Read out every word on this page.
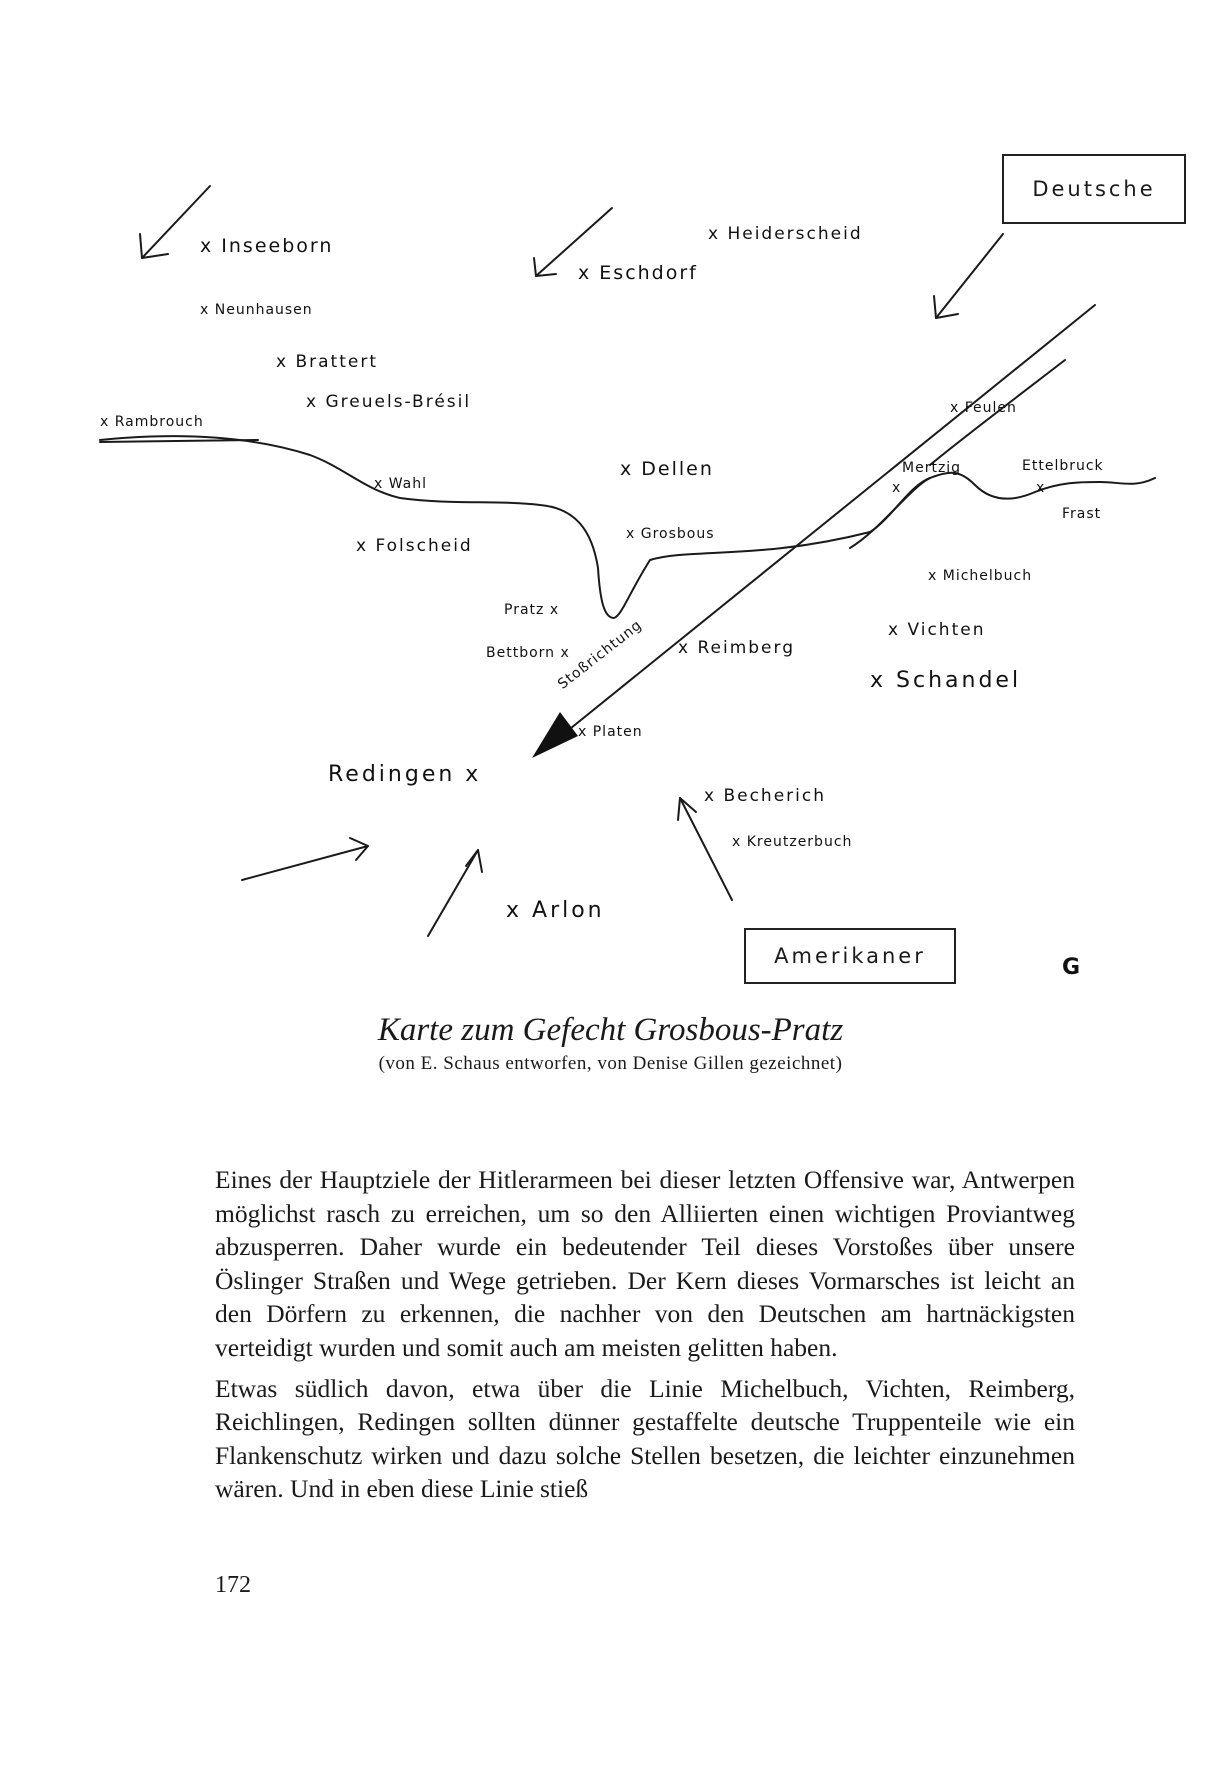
x Inseeborn
x Neunhausen
x Brattert
x Greuels-Brésil
x Rambrouch
x Eschdorf
x Heiderscheid
x Wahl
x Folscheid
x Dellen
x Grosbous
Pratz x
Bettborn x	x Reimberg
x Platen
Stoßrichtung
Redingen x
x Feulen
Mertzig
x
Ettelbruck
x
Frast
x Michelbuch
x Vichten
x Schandel
x Becherich
x Kreutzerbuch
x Arlon
Deutsche
Amerikaner	G
Karte zum Gefecht Grosbous-Pratz
(von E. Schaus entworfen, von Denise Gillen gezeichnet)

Eines der Hauptziele der Hitlerarmeen bei dieser letzten Offensive war, Antwerpen möglichst rasch zu erreichen, um so den Alliierten einen wichtigen Proviantweg abzusperren. Daher wurde ein bedeutender Teil dieses Vorstoßes über unsere Öslinger Straßen und Wege getrieben. Der Kern dieses Vormarsches ist leicht an den Dörfern zu erkennen, die nachher von den Deutschen am hartnäckigsten verteidigt wurden und somit auch am meisten gelitten haben.

Etwas südlich davon, etwa über die Linie Michelbuch, Vichten, Reimberg, Reichlingen, Redingen sollten dünner gestaffelte deutsche Truppenteile wie ein Flankenschutz wirken und dazu solche Stellen besetzen, die leichter einzunehmen wären. Und in eben diese Linie stieß

172
